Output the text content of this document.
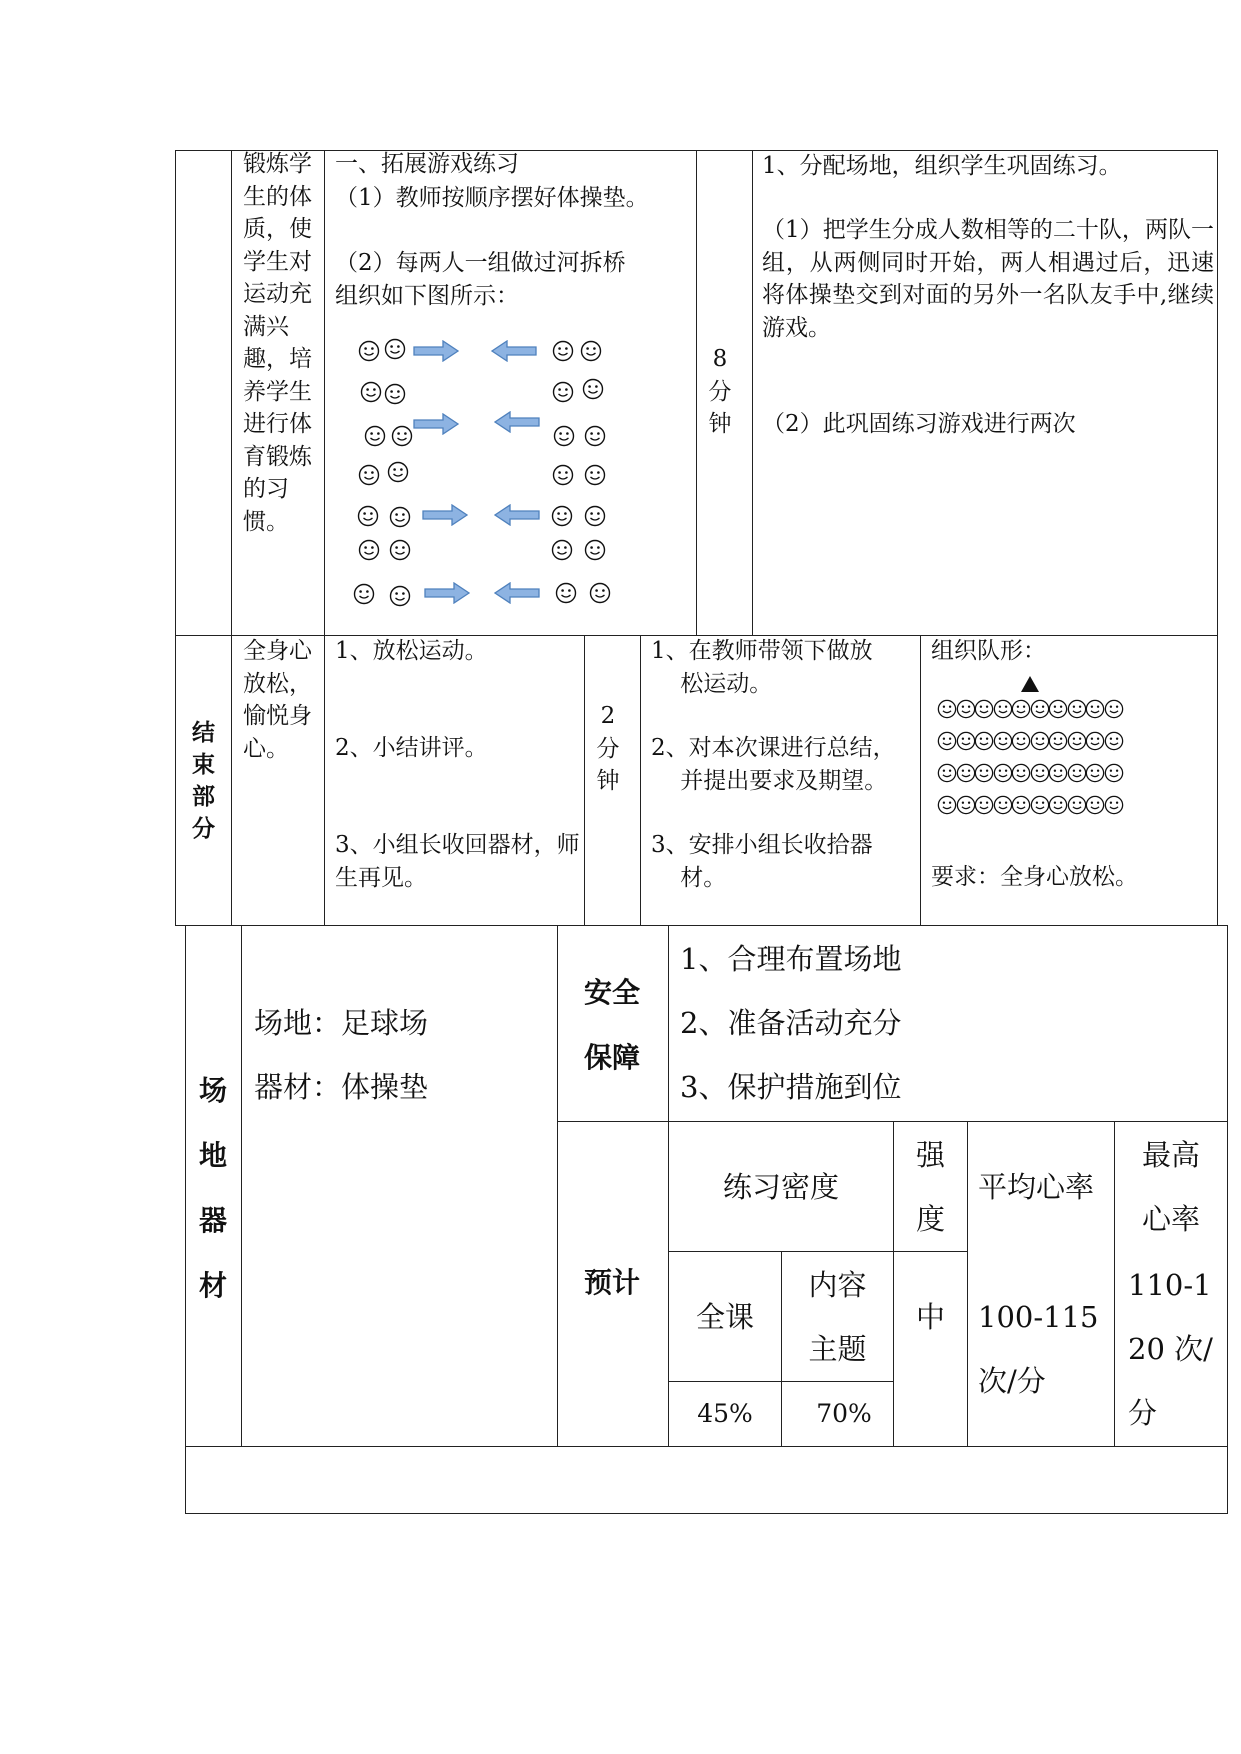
锻炼学生的体质，使学生对运动充满兴趣，培养学生进行体育锻炼的习惯。
一、拓展游戏练习
（1）教师按顺序摆好体操垫。
（2）每两人一组做过河拆桥
组织如下图所示：
8
分
钟
1、分配场地，组织学生巩固练习。
（1）把学生分成人数相等的二十队，两队一组，从两侧同时开始，两人相遇过后，迅速将体操垫交到对面的另外一名队友手中,继续游戏。
（2）此巩固练习游戏进行两次
结
束
部
分
全身心放松，愉悦身心。
1、放松运动。
2、小结讲评。
3、小组长收回器材，师生再见。
2
分
钟
1、在教师带领下做放
松运动。
2、对本次课进行总结，
并提出要求及期望。
3、安排小组长收拾器
材。
组织队形：
要求：全身心放松。
场
地
器
材
场地：足球场
器材：体操垫
安全
保障
1、合理布置场地
2、准备活动充分
3、保护措施到位
预计
练习密度
全课
内容
主题
45%	70%
强
度
中
平均心率
100-115
次/分
最高
心率
110-1
20 次/
分
